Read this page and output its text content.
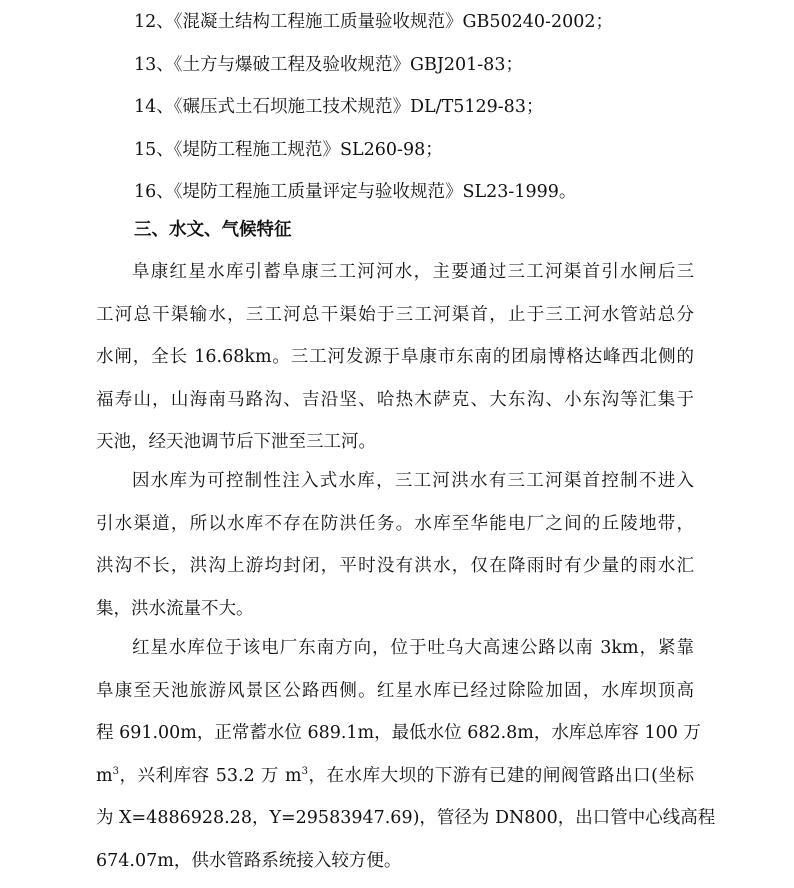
12、《混凝土结构工程施工质量验收规范》GB50240-2002；
13、《土方与爆破工程及验收规范》GBJ201-83；
14、《碾压式土石坝施工技术规范》DL/T5129-83；
15、《堤防工程施工规范》SL260-98；
16、《堤防工程施工质量评定与验收规范》SL23-1999。
三、水文、气候特征
阜康红星水库引蓄阜康三工河河水，主要通过三工河渠首引水闸后三
工河总干渠输水，三工河总干渠始于三工河渠首，止于三工河水管站总分
水闸，全长 16.68km。三工河发源于阜康市东南的团扇博格达峰西北侧的
福寿山，山海南马路沟、吉沿坚、哈热木萨克、大东沟、小东沟等汇集于
天池，经天池调节后下泄至三工河。
因水库为可控制性注入式水库，三工河洪水有三工河渠首控制不进入
引水渠道，所以水库不存在防洪任务。水库至华能电厂之间的丘陵地带，
洪沟不长，洪沟上游均封闭，平时没有洪水，仅在降雨时有少量的雨水汇
集，洪水流量不大。
红星水库位于该电厂东南方向，位于吐乌大高速公路以南 3km，紧靠
阜康至天池旅游风景区公路西侧。红星水库已经过除险加固，水库坝顶高
程 691.00m，正常蓄水位 689.1m，最低水位 682.8m，水库总库容 100 万
$m^3$，兴利库容 53.2 万 $m^3$，在水库大坝的下游有已建的闸阀管路出口(坐标
为 X=4886928.28，Y=29583947.69)，管径为 DN800，出口管中心线高程
674.07m，供水管路系统接入较方便。
